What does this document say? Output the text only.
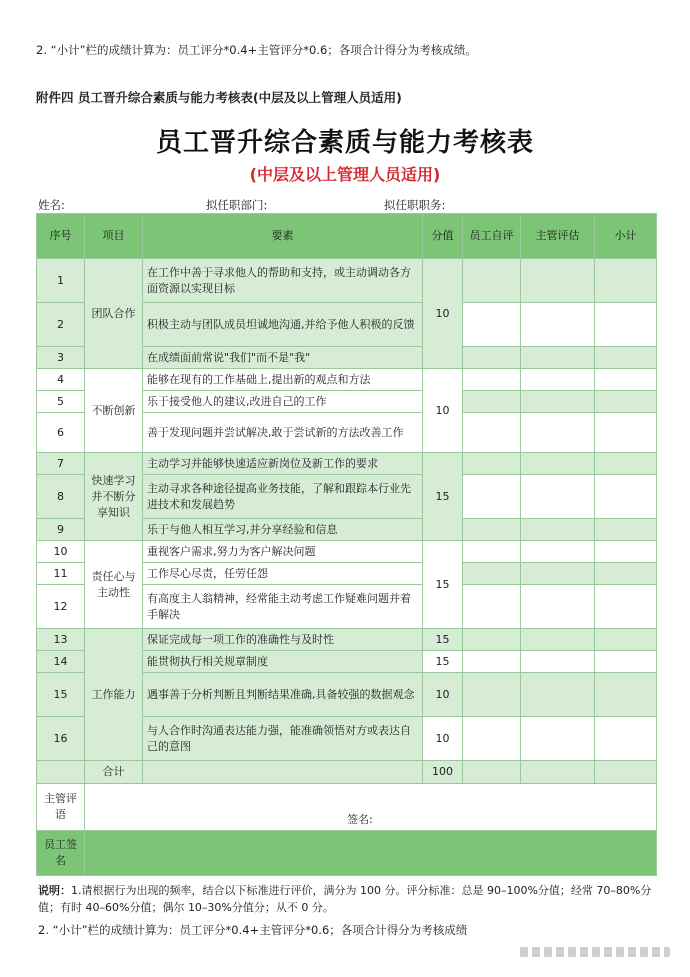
2. “小计”栏的成绩计算为：员工评分*0.4+主管评分*0.6；各项合计得分为考核成绩。
附件四 员工晋升综合素质与能力考核表(中层及以上管理人员适用)
员工晋升综合素质与能力考核表
(中层及以上管理人员适用)
姓名:	拟任职部门:	拟任职职务:
序号	项目	要素	分值	员工自评	主管评估	小计
1	团队合作	在工作中善于寻求他人的帮助和支持，或主动调动各方面资源以实现目标	10			
2		积极主动与团队成员坦诚地沟通,并给予他人积极的反馈				
3		在成绩面前常说"我们"而不是"我"				
4	不断创新	能够在现有的工作基础上,提出新的观点和方法	10			
5		乐于接受他人的建议,改进自己的工作				
6		善于发现问题并尝试解决,敢于尝试新的方法改善工作				
7	快速学习并不断分享知识	主动学习并能够快速适应新岗位及新工作的要求	15			
8		主动寻求各种途径提高业务技能，了解和跟踪本行业先进技术和发展趋势				
9		乐于与他人相互学习,并分享经验和信息				
10	责任心与主动性	重视客户需求,努力为客户解决问题	15			
11		工作尽心尽责，任劳任怨				
12		有高度主人翁精神，经常能主动考虑工作疑难问题并着手解决				
13	工作能力	保证完成每一项工作的准确性与及时性	15			
14		能贯彻执行相关规章制度	15			
15		遇事善于分析判断且判断结果准确,具备较强的数据观念	10			
16		与人合作时沟通表达能力强，能准确领悟对方或表达自己的意图	10			
	合计		100			
主管评语	签名:					
员工签名						
说明：1.请根据行为出现的频率，结合以下标准进行评价，满分为 100 分。评分标准：总是 90–100%分值；经常 70–80%分值；有时 40–60%分值；偶尔 10–30%分值分；从不 0 分。
2. “小计”栏的成绩计算为：员工评分*0.4+主管评分*0.6；各项合计得分为考核成绩
